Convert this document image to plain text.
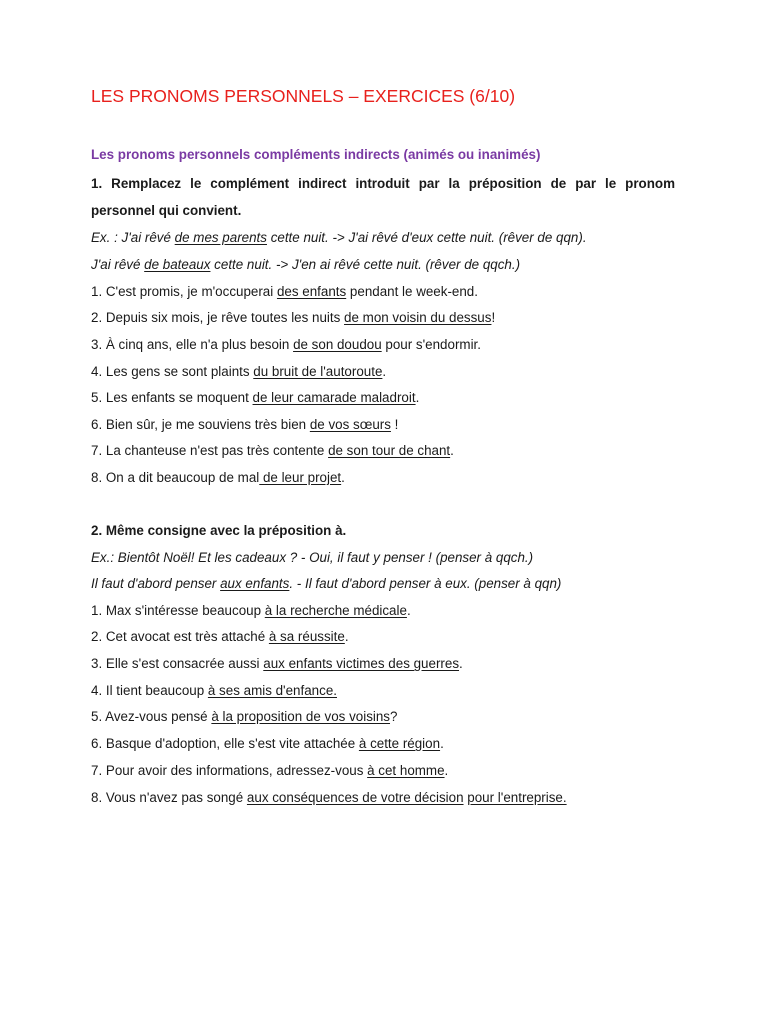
LES PRONOMS PERSONNELS – EXERCICES (6/10)
Les pronoms personnels compléments indirects (animés ou inanimés)

1. Remplacez le complément indirect introduit par la préposition de par le pronom personnel qui convient.

Ex. : J'ai rêvé de mes parents cette nuit. -> J'ai rêvé d'eux cette nuit. (rêver de qqn).

J'ai rêvé de bateaux cette nuit. -> J'en ai rêvé cette nuit. (rêver de qqch.)

1. C'est promis, je m'occuperai des enfants pendant le week-end.

2. Depuis six mois, je rêve toutes les nuits de mon voisin du dessus!

3. À cinq ans, elle n'a plus besoin de son doudou pour s'endormir.

4. Les gens se sont plaints du bruit de l'autoroute.

5. Les enfants se moquent de leur camarade maladroit.

6. Bien sûr, je me souviens très bien de vos sœurs !

7. La chanteuse n'est pas très contente de son tour de chant.

8. On a dit beaucoup de mal de leur projet.

2. Même consigne avec la préposition à.

Ex.: Bientôt Noël! Et les cadeaux ? - Oui, il faut y penser ! (penser à qqch.)

Il faut d'abord penser aux enfants. - Il faut d'abord penser à eux. (penser à qqn)

1. Max s'intéresse beaucoup à la recherche médicale.

2. Cet avocat est très attaché à sa réussite.

3. Elle s'est consacrée aussi aux enfants victimes des guerres.

4. Il tient beaucoup à ses amis d'enfance.

5. Avez-vous pensé à la proposition de vos voisins?

6. Basque d'adoption, elle s'est vite attachée à cette région.

7. Pour avoir des informations, adressez-vous à cet homme.

8. Vous n'avez pas songé aux conséquences de votre décision pour l'entreprise.
